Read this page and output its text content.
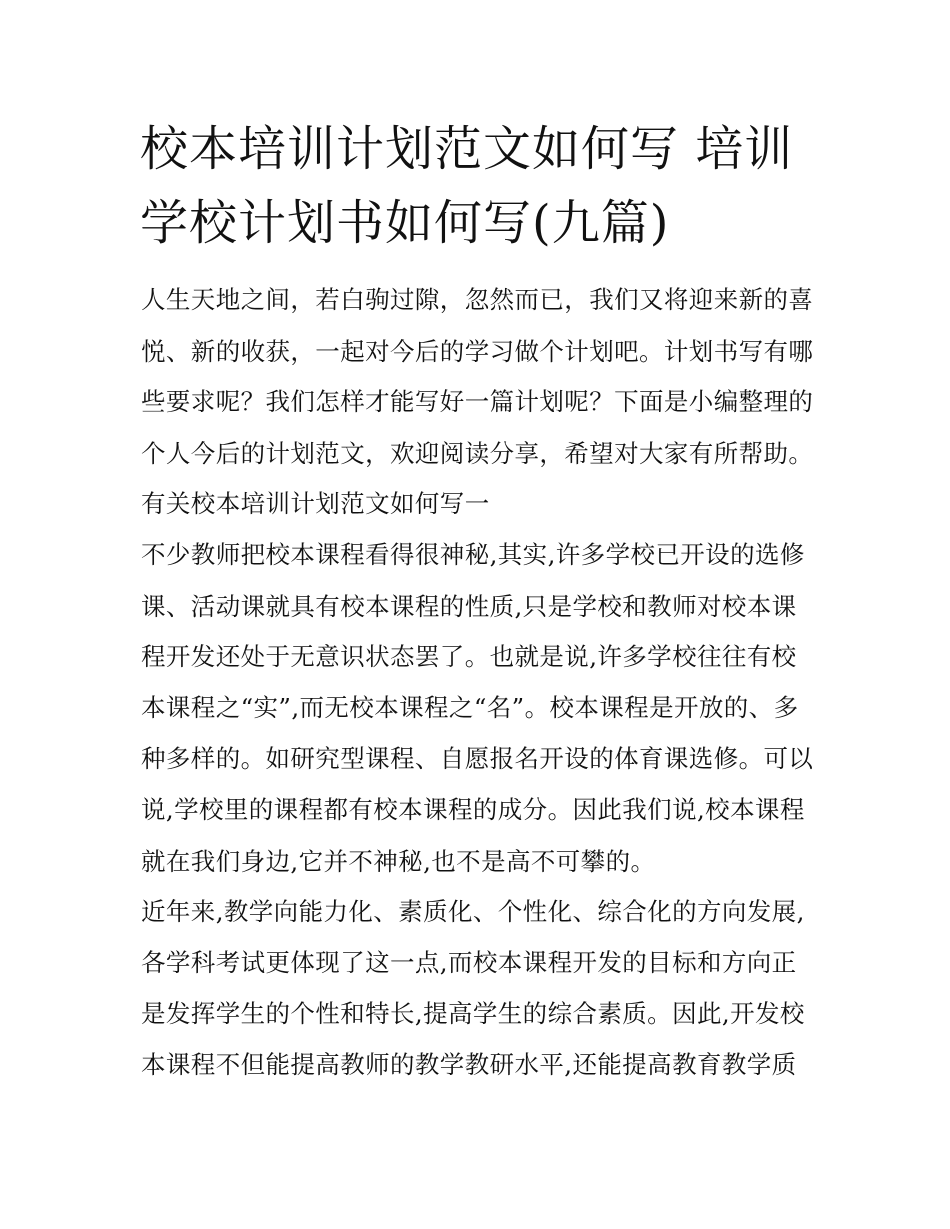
校本培训计划范文如何写 培训
学校计划书如何写(九篇)

人生天地之间，若白驹过隙，忽然而已，我们又将迎来新的喜

悦、新的收获，一起对今后的学习做个计划吧。计划书写有哪

些要求呢？我们怎样才能写好一篇计划呢？下面是小编整理的

个人今后的计划范文，欢迎阅读分享，希望对大家有所帮助。

有关校本培训计划范文如何写一

不少教师把校本课程看得很神秘,其实,许多学校已开设的选修

课、活动课就具有校本课程的性质,只是学校和教师对校本课

程开发还处于无意识状态罢了。也就是说,许多学校往往有校

本课程之“实”,而无校本课程之“名”。校本课程是开放的、多

种多样的。如研究型课程、自愿报名开设的体育课选修。可以

说,学校里的课程都有校本课程的成分。因此我们说,校本课程

就在我们身边,它并不神秘,也不是高不可攀的。

近年来,教学向能力化、素质化、个性化、综合化的方向发展,

各学科考试更体现了这一点,而校本课程开发的目标和方向正

是发挥学生的个性和特长,提高学生的综合素质。因此,开发校

本课程不但能提高教师的教学教研水平,还能提高教育教学质
